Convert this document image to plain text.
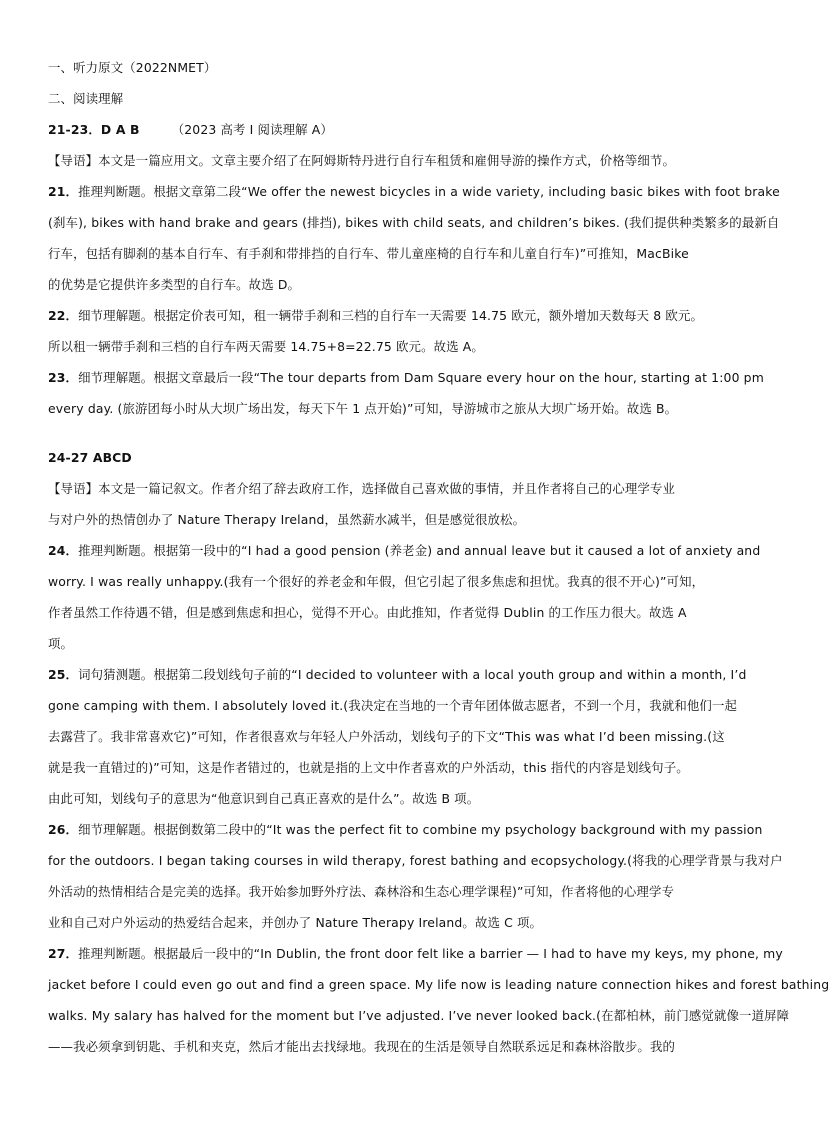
一、听力原文（2022NMET）
二、阅读理解
21-23．D A B	（2023 高考 I 阅读理解 A）
【导语】本文是一篇应用文。文章主要介绍了在阿姆斯特丹进行自行车租赁和雇佣导游的操作方式，价格等细节。
21．推理判断题。根据文章第二段“We offer the newest bicycles in a wide variety, including basic bikes with foot brake
(刹车), bikes with hand brake and gears (排挡), bikes with child seats, and children’s bikes. (我们提供种类繁多的最新自
行车，包括有脚刹的基本自行车、有手刹和带排挡的自行车、带儿童座椅的自行车和儿童自行车)”可推知，MacBike
的优势是它提供许多类型的自行车。故选 D。
22．细节理解题。根据定价表可知，租一辆带手刹和三档的自行车一天需要 14.75 欧元，额外增加天数每天 8 欧元。
所以租一辆带手刹和三档的自行车两天需要 14.75+8=22.75 欧元。故选 A。
23．细节理解题。根据文章最后一段“The tour departs from Dam Square every hour on the hour, starting at 1:00 pm
every day. (旅游团每小时从大坝广场出发，每天下午 1 点开始)”可知，导游城市之旅从大坝广场开始。故选 B。
24-27 ABCD
【导语】本文是一篇记叙文。作者介绍了辞去政府工作，选择做自己喜欢做的事情，并且作者将自己的心理学专业
与对户外的热情创办了 Nature Therapy Ireland，虽然薪水减半，但是感觉很放松。
24．推理判断题。根据第一段中的“I had a good pension (养老金) and annual leave but it caused a lot of anxiety and
worry. I was really unhappy.(我有一个很好的养老金和年假，但它引起了很多焦虑和担忧。我真的很不开心)”可知，
作者虽然工作待遇不错，但是感到焦虑和担心，觉得不开心。由此推知，作者觉得 Dublin 的工作压力很大。故选 A
项。
25．词句猜测题。根据第二段划线句子前的“I decided to volunteer with a local youth group and within a month, I’d
gone camping with them. I absolutely loved it.(我决定在当地的一个青年团体做志愿者，不到一个月，我就和他们一起
去露营了。我非常喜欢它)”可知，作者很喜欢与年轻人户外活动，划线句子的下文“This was what I’d been missing.(这
就是我一直错过的)”可知，这是作者错过的，也就是指的上文中作者喜欢的户外活动，this 指代的内容是划线句子。
由此可知，划线句子的意思为“他意识到自己真正喜欢的是什么”。故选 B 项。
26．细节理解题。根据倒数第二段中的“It was the perfect fit to combine my psychology background with my passion
for the outdoors. I began taking courses in wild therapy, forest bathing and ecopsychology.(将我的心理学背景与我对户
外活动的热情相结合是完美的选择。我开始参加野外疗法、森林浴和生态心理学课程)”可知，作者将他的心理学专
业和自己对户外运动的热爱结合起来，并创办了 Nature Therapy Ireland。故选 C 项。
27．推理判断题。根据最后一段中的“In Dublin, the front door felt like a barrier — I had to have my keys, my phone, my
jacket before I could even go out and find a green space. My life now is leading nature connection hikes and forest bathing
walks. My salary has halved for the moment but I’ve adjusted. I’ve never looked back.(在都柏林，前门感觉就像一道屏障
——我必须拿到钥匙、手机和夹克，然后才能出去找绿地。我现在的生活是领导自然联系远足和森林浴散步。我的
